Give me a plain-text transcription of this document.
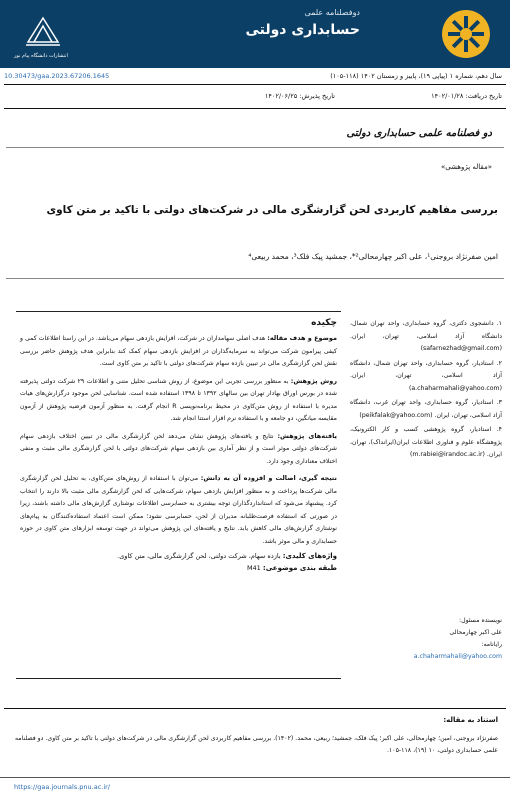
دوفصلنامه علمی
حسابداری دولتی
انتشارات دانشگاه پیام نور
سال دهم، شماره ۱ (پیاپی ۱۹)، پاییز و زمستان ۱۴۰۲ (۱۱۸-۱۰۵)
10.30473/gaa.2023.67206.1645
تاریخ دریافت: ۱۴۰۲/۰۱/۲۸
تاریخ پذیرش: ۱۴۰۲/۰۶/۲۵
دو فصلنامه علمی حسابداری دولتی
«مقاله پژوهشی»
بررسی مفاهیم کاربردی لحن گزارشگری مالی در شرکت‌های دولتی با تاکید بر متن کاوی
امین صفرنژاد بروجنی¹، علی اکبر چهارمحالی²*، جمشید پیک فلک³، محمد ربیعی⁴
چکیده

موضوع و هدف مقاله: هدف اصلی سهامداران در شرکت، افزایش بازدهی سهام می‌باشد. در این راستا اطلاعات کمی و کیفی پیرامون شرکت می‌تواند به سرمایه‌گذاران در افزایش بازدهی سهام کمک کند بنابراین هدف پژوهش حاضر بررسی نقش لحن گزارشگری مالی در تبیین بازده سهام شرکت‌های دولتی با تاکید بر متن کاوی است.

روش پژوهش: به منظور بررسی تجربی این موضوع، از روش شناسی تحلیل متنی و اطلاعات ۲۹ شرکت دولتی پذیرفته شده در بورس اوراق بهادار تهران بین سالهای ۱۳۹۲ تا ۱۳۹۸ استفاده شده است. شناسایی لحن موجود درگزارش‌های هیات مدیره با استفاده از روش متن‌کاوی در محیط برنامه‌نویسی R انجام گرفت. به منظور آزمون فرضیه پژوهش از آزمون مقایسه میانگین، دو جامعه و با استفاده نرم افزار استتا انجام شد.

یافته‌های پژوهش: نتایج و یافته‌های پژوهش نشان می‌دهد لحن گزارشگری مالی در تبیین اختلاف بازدهی سهام شرکت‌های دولتی موثر است و از نظر آماری بین بازدهی سهام شرکت‌های دولتی با لحن گزارشگری مالی مثبت و منفی اختلاف معناداری وجود دارد.

نتیجه گیری، اصالت و افزوده آن به دانش: می‌توان با استفاده از روش‌های متن‌کاوی، به تحلیل لحن گزارشگری مالی شرکت‌ها پرداخت و به منظور افزایش بازدهی سهام، شرکت‌هایی که لحن گزارشگری مالی مثبت بالا دارند را انتخاب کرد. پیشنهاد می‌شود که استانداردگذاران توجه بیشتری به حسابرسی اطلاعات نوشتاری گزارش‌های مالی داشته باشند، زیرا در صورتی که استفاده فرصت‌طلبانه مدیران از لحن، حسابرسی نشود؛ ممکن است اعتماد استفاده‌کنندگان به پیام‌های نوشتاری گزارش‌های مالی کاهش یابد. نتایج و یافته‌های این پژوهش می‌تواند در جهت توسعه ابزارهای متن کاوی در حوزه حسابداری و مالی موثر باشد.

واژه‌های کلیدی: بازده سهام، شرکت دولتی، لحن گزارشگری مالی، متن کاوی.
طبقه بندی موضوعی: M41

۱. دانشجوی دکتری، گروه حسابداری، واحد تهران شمال، دانشگاه آزاد اسلامی، تهران، ایران. (safarnezhad@gmail.com)

۲. استادیار، گروه حسابداری، واحد تهران شمال، دانشگاه آزاد اسلامی، تهران، ایران. (a.chaharmahali@yahoo.com)

۳. استادیار، گروه حسابداری، واحد تهران غرب، دانشگاه آزاد اسلامی، تهران، ایران. (peikfalak@yahoo.com)

۴. استادیار، گروه پژوهشی کسب و کار الکترونیک، پژوهشگاه علوم و فناوری اطلاعات ایران(ایرانداک)، تهران، ایران. (m.rabiei@irandoc.ac.ir)

نویسنده مسئول:
علی اکبر چهارمحالی
رایانامه:
a.chaharmahali@yahoo.com
استناد به مقاله:
صفرنژاد بروجنی، امین؛ چهارمحالی، علی اکبر؛ پیک فلک، جمشید؛ ربیعی، محمد. (۱۴۰۲). بررسی مفاهیم کاربردی لحن گزارشگری مالی در شرکت‌های دولتی با تاکید بر متن کاوی. دو فصلنامه علمی حسابداری دولتی، ۱۰ (۱۹)، ۱۱۸-۱۰۵.
https://gaa.journals.pnu.ac.ir/
